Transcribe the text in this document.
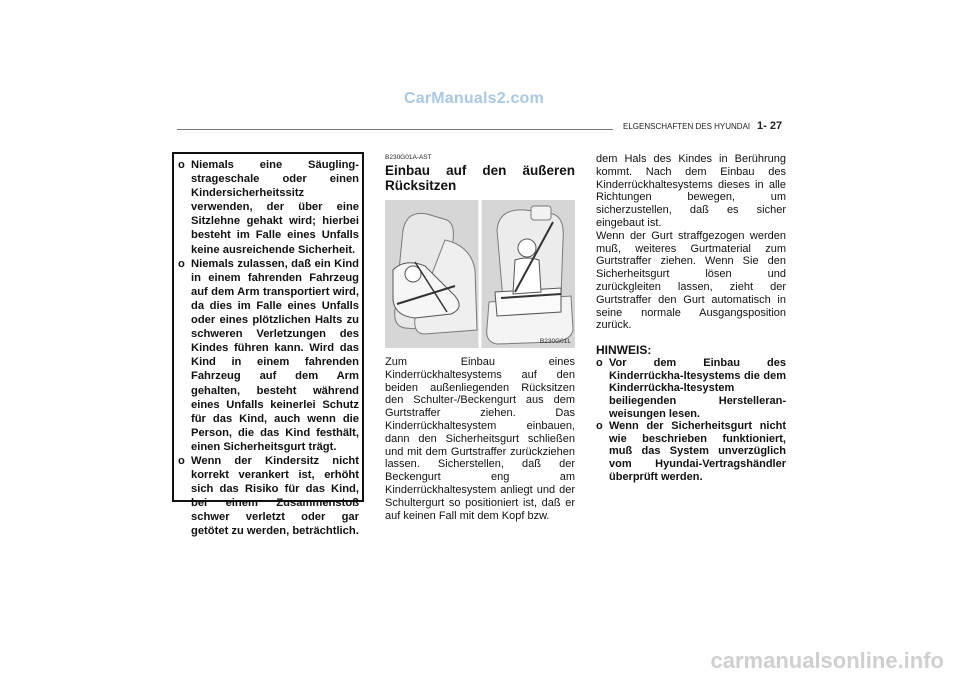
CarManuals2.com
ELGENSCHAFTEN DES HYUNDAI 1- 27
o Niemals eine Säugling-strageschale oder einen Kindersicherheitssitz verwenden, der über eine Sitzlehne gehakt wird; hierbei besteht im Falle eines Unfalls keine ausreichende Sicherheit.
o Niemals zulassen, daß ein Kind in einem fahrenden Fahrzeug auf dem Arm transportiert wird, da dies im Falle eines Unfalls oder eines plötzlichen Halts zu schweren Verletzungen des Kindes führen kann. Wird das Kind in einem fahrenden Fahrzeug auf dem Arm gehalten, besteht während eines Unfalls keinerlei Schutz für das Kind, auch wenn die Person, die das Kind festhält, einen Sicherheitsgurt trägt.
o Wenn der Kindersitz nicht korrekt verankert ist, erhöht sich das Risiko für das Kind, bei einem Zusammenstoß schwer verletzt oder gar getötet zu werden, beträchtlich.
B230G01A-AST
Einbau auf den äußeren Rücksitzen
B230G01L
Zum Einbau eines Kinderrückhaltesystems auf den beiden außenliegenden Rücksitzen den Schulter-/Beckengurt aus dem Gurtstraffer ziehen. Das Kinderrückhaltesystem einbauen, dann den Sicherheitsgurt schließen und mit dem Gurtstraffer zurückziehen lassen. Sicherstellen, daß der Beckengurt eng am Kinderrückhaltesystem anliegt und der Schultergurt so positioniert ist, daß er auf keinen Fall mit dem Kopf bzw.
dem Hals des Kindes in Berührung kommt. Nach dem Einbau des Kinderrückhaltesystems dieses in alle Richtungen bewegen, um sicherzustellen, daß es sicher eingebaut ist.
Wenn der Gurt straffgezogen werden muß, weiteres Gurtmaterial zum Gurtstraffer ziehen. Wenn Sie den Sicherheitsgurt lösen und zurückgleiten lassen, zieht der Gurtstraffer den Gurt automatisch in seine normale Ausgangsposition zurück.
HINWEIS:
o Vor dem Einbau des Kinderrückha-ltesystems die dem Kinderrückha-ltesystem beiliegenden Herstelleran-weisungen lesen.
o Wenn der Sicherheitsgurt nicht wie beschrieben funktioniert, muß das System unverzüglich vom Hyundai-Vertragshändler überprüft werden.
carmanualsonline.info
